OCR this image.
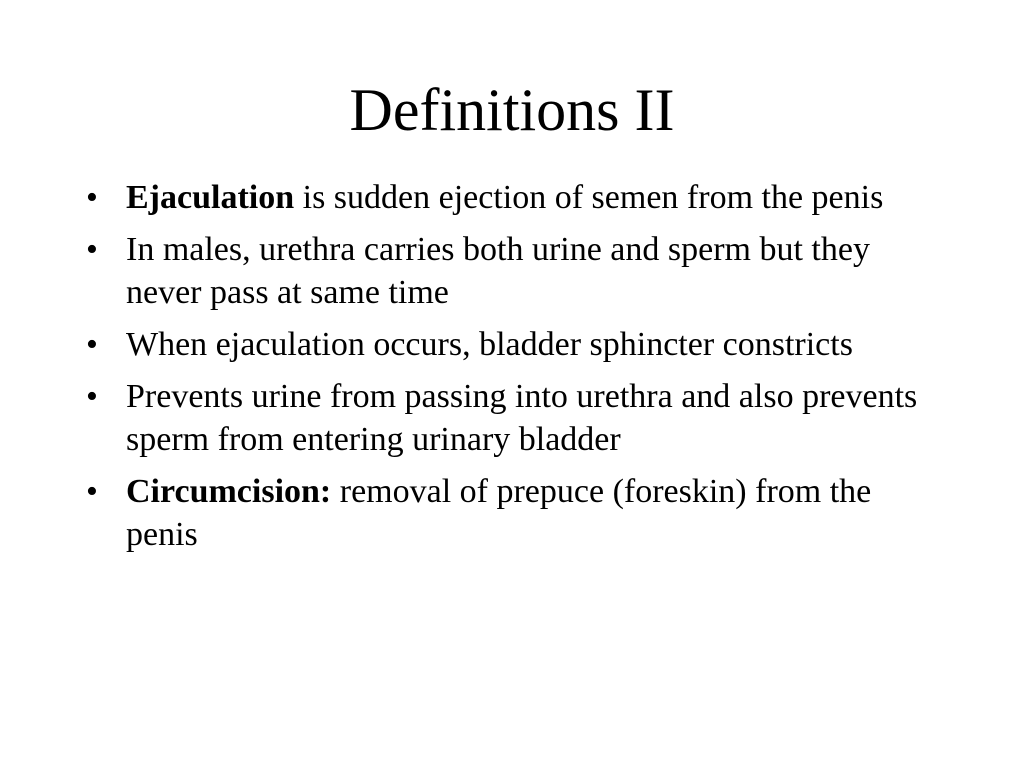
Definitions II
• Ejaculation is sudden ejection of semen from the penis
• In males, urethra carries both urine and sperm but they never pass at same time
• When ejaculation occurs, bladder sphincter constricts
• Prevents urine from passing into urethra and also prevents sperm from entering urinary bladder
• Circumcision: removal of prepuce (foreskin) from the penis
